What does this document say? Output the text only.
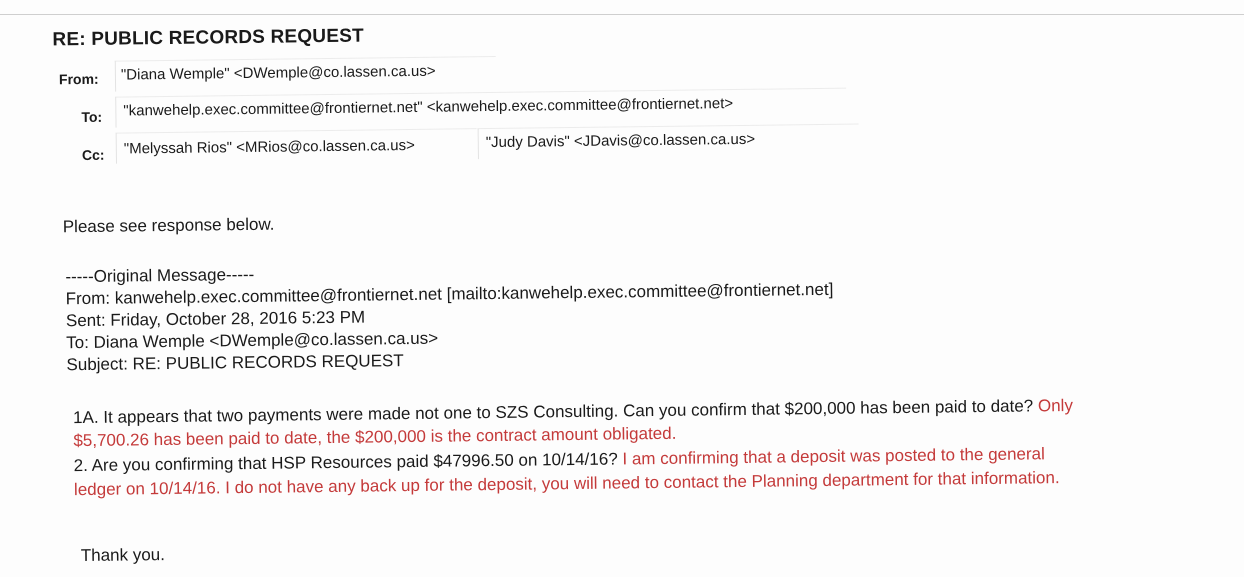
RE: PUBLIC RECORDS REQUEST
From: "Diana Wemple" <DWemple@co.lassen.ca.us>
To: "kanwehelp.exec.committee@frontiernet.net" <kanwehelp.exec.committee@frontiernet.net>
Cc: "Melyssah Rios" <MRios@co.lassen.ca.us>	"Judy Davis" <JDavis@co.lassen.ca.us>
Please see response below.
-----Original Message-----
From: kanwehelp.exec.committee@frontiernet.net [mailto:kanwehelp.exec.committee@frontiernet.net]
Sent: Friday, October 28, 2016 5:23 PM
To: Diana Wemple <DWemple@co.lassen.ca.us>
Subject: RE: PUBLIC RECORDS REQUEST
1A. It appears that two payments were made not one to SZS Consulting. Can you confirm that $200,000 has been paid to date? Only
$5,700.26 has been paid to date, the $200,000 is the contract amount obligated.
2. Are you confirming that HSP Resources paid $47996.50 on 10/14/16? I am confirming that a deposit was posted to the general
ledger on 10/14/16. I do not have any back up for the deposit, you will need to contact the Planning department for that information.
Thank you.
